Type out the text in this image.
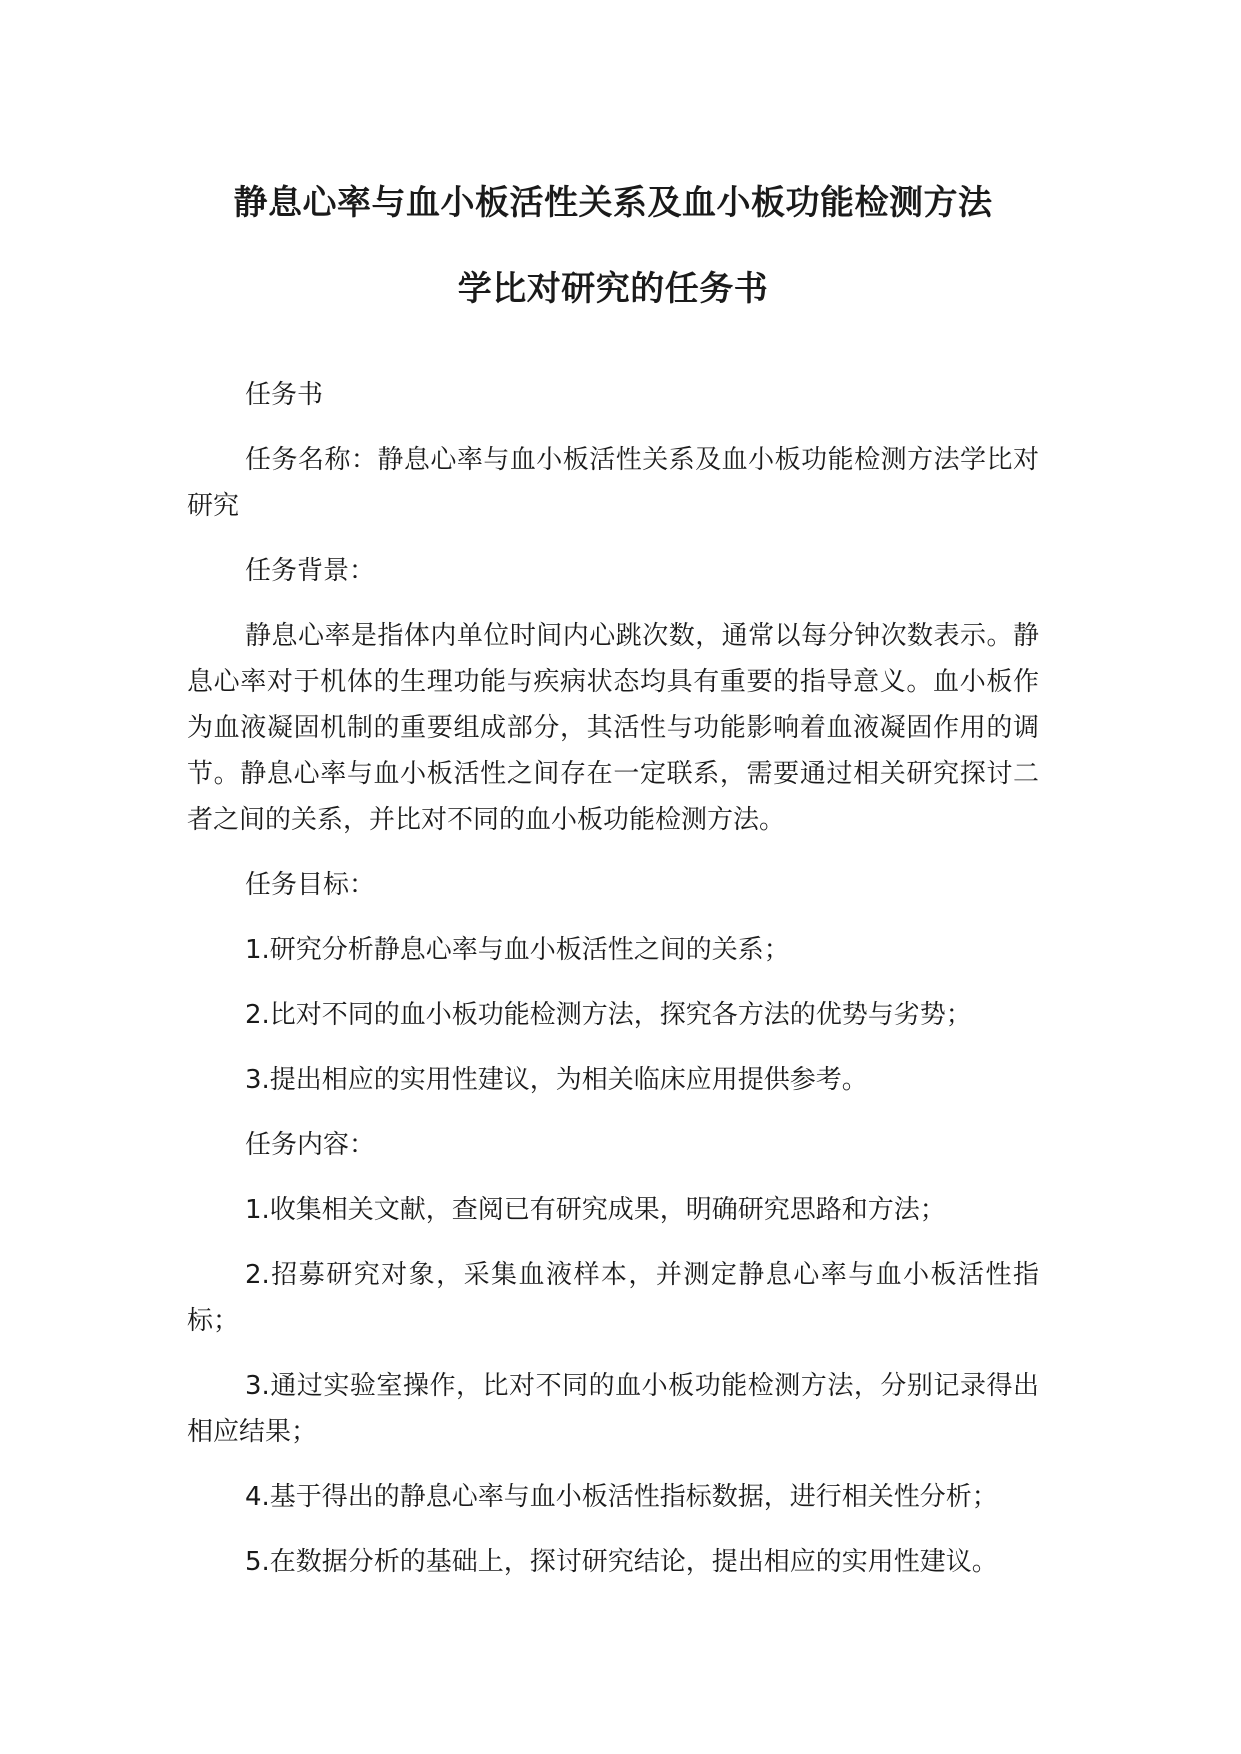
静息心率与血小板活性关系及血小板功能检测方法
学比对研究的任务书

任务书

任务名称：静息心率与血小板活性关系及血小板功能检测方法学比对研究

任务背景：

静息心率是指体内单位时间内心跳次数，通常以每分钟次数表示。静息心率对于机体的生理功能与疾病状态均具有重要的指导意义。血小板作为血液凝固机制的重要组成部分，其活性与功能影响着血液凝固作用的调节。静息心率与血小板活性之间存在一定联系，需要通过相关研究探讨二者之间的关系，并比对不同的血小板功能检测方法。

任务目标：

1.研究分析静息心率与血小板活性之间的关系；

2.比对不同的血小板功能检测方法，探究各方法的优势与劣势；

3.提出相应的实用性建议，为相关临床应用提供参考。

任务内容：

1.收集相关文献，查阅已有研究成果，明确研究思路和方法；

2.招募研究对象，采集血液样本，并测定静息心率与血小板活性指标；

3.通过实验室操作，比对不同的血小板功能检测方法，分别记录得出相应结果；

4.基于得出的静息心率与血小板活性指标数据，进行相关性分析；

5.在数据分析的基础上，探讨研究结论，提出相应的实用性建议。
